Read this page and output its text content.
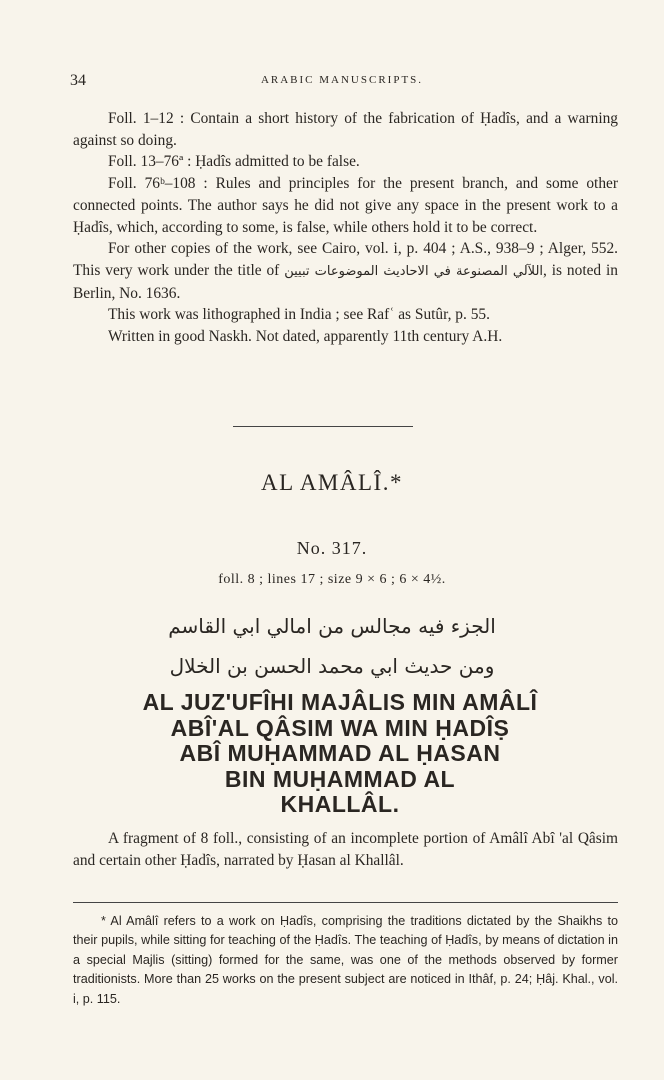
34	ARABIC MANUSCRIPTS.

Foll. 1–12 : Contain a short history of the fabrication of Ḥadîs, and a warning against so doing.

Foll. 13–76ª : Ḥadîs admitted to be false.

Foll. 76ᵇ–108 : Rules and principles for the present branch, and some other connected points. The author says he did not give any space in the present work to a Ḥadîs, which, according to some, is false, while others hold it to be correct.

For other copies of the work, see Cairo, vol. i, p. 404 ; A.S., 938–9 ; Alger, 552. This very work under the title of اللآلي المصنوعة في الاحاديث الموضوعات تبيين, is noted in Berlin, No. 1636.

This work was lithographed in India ; see Rafʿ as Sutûr, p. 55.

Written in good Naskh. Not dated, apparently 11th century A.H.

AL AMÂLÎ.*
No. 317.
foll. 8 ; lines 17 ; size 9 × 6 ; 6 × 4½.
الجزء فيه مجالس من امالي ابي القاسم
ومن حديث ابي محمد الحسن بن الخلال
AL JUZ'UFÎHI MAJÂLIS MIN AMÂLÎ
ABÎ'AL QÂSIM WA MIN ḤADÎṢ
ABÎ MUḤAMMAD AL ḤASAN
BIN MUḤAMMAD AL
KHALLÂL.

A fragment of 8 foll., consisting of an incomplete portion of Amâlî Abî 'al Qâsim and certain other Ḥadîs, narrated by Ḥasan al Khallâl.

* Al Amâlî refers to a work on Ḥadîs, comprising the traditions dictated by the Shaikhs to their pupils, while sitting for teaching of the Ḥadîs. The teaching of Ḥadîs, by means of dictation in a special Majlis (sitting) formed for the same, was one of the methods observed by former traditionists. More than 25 works on the present subject are noticed in Ithâf, p. 24; Ḥâj. Khal., vol. i, p. 115.
